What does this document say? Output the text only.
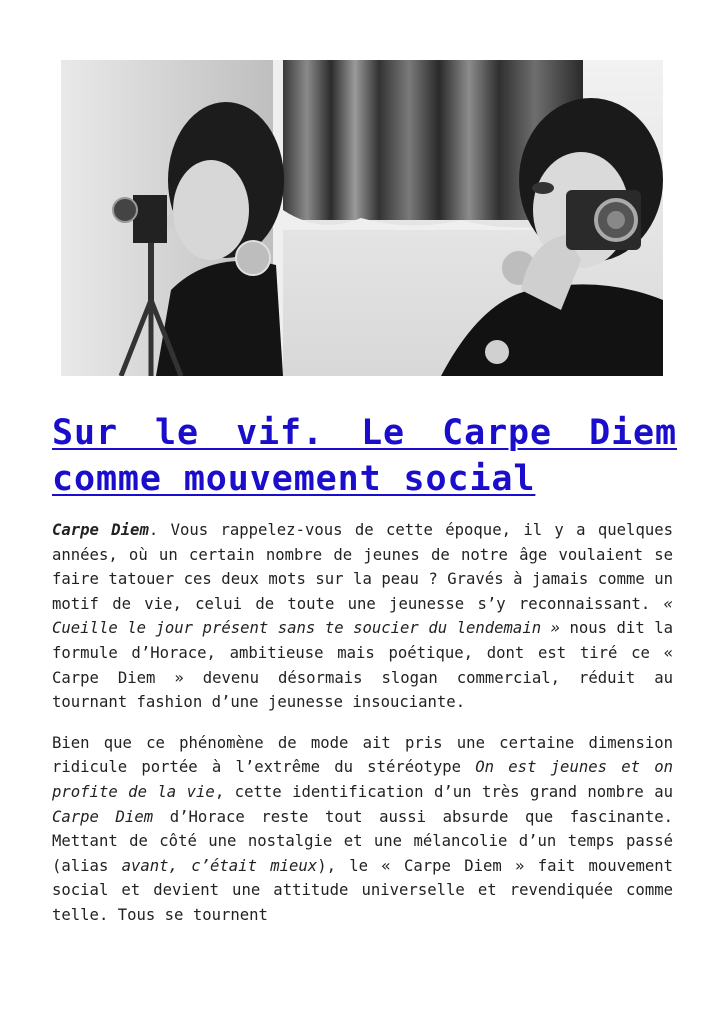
Sur le vif. Le Carpe Diem comme mouvement social

Carpe Diem. Vous rappelez-vous de cette époque, il y a quelques années, où un certain nombre de jeunes de notre âge voulaient se faire tatouer ces deux mots sur la peau ? Gravés à jamais comme un motif de vie, celui de toute une jeunesse s’y reconnaissant. « Cueille le jour présent sans te soucier du lendemain » nous dit la formule d’Horace, ambitieuse mais poétique, dont est tiré ce « Carpe Diem » devenu désormais slogan commercial, réduit au tournant fashion d’une jeunesse insouciante.

Bien que ce phénomène de mode ait pris une certaine dimension ridicule portée à l’extrême du stéréotype On est jeunes et on profite de la vie, cette identification d’un très grand nombre au Carpe Diem d’Horace reste tout aussi absurde que fascinante. Mettant de côté une nostalgie et une mélancolie d’un temps passé (alias avant, c’était mieux), le « Carpe Diem » fait mouvement social et devient une attitude universelle et revendiquée comme telle. Tous se tournent
